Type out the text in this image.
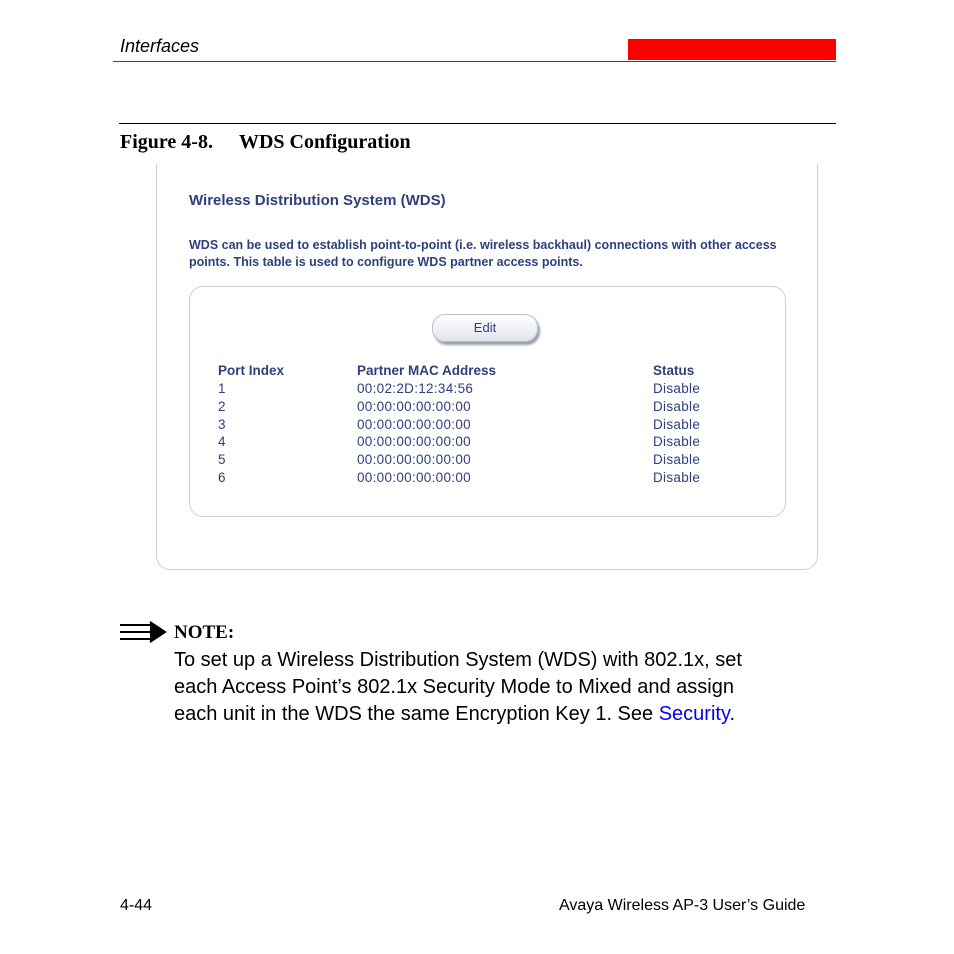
Interfaces
Figure 4-8. WDS Configuration
Wireless Distribution System (WDS)
WDS can be used to establish point-to-point (i.e. wireless backhaul) connections with other access points. This table is used to configure WDS partner access points.
Edit
Port Index	Partner MAC Address	Status
1	00:02:2D:12:34:56	Disable
2	00:00:00:00:00:00	Disable
3	00:00:00:00:00:00	Disable
4	00:00:00:00:00:00	Disable
5	00:00:00:00:00:00	Disable
6	00:00:00:00:00:00	Disable
NOTE:
To set up a Wireless Distribution System (WDS) with 802.1x, set
each Access Point’s 802.1x Security Mode to Mixed and assign
each unit in the WDS the same Encryption Key 1. See Security.
4-44	Avaya Wireless AP-3 User’s Guide
